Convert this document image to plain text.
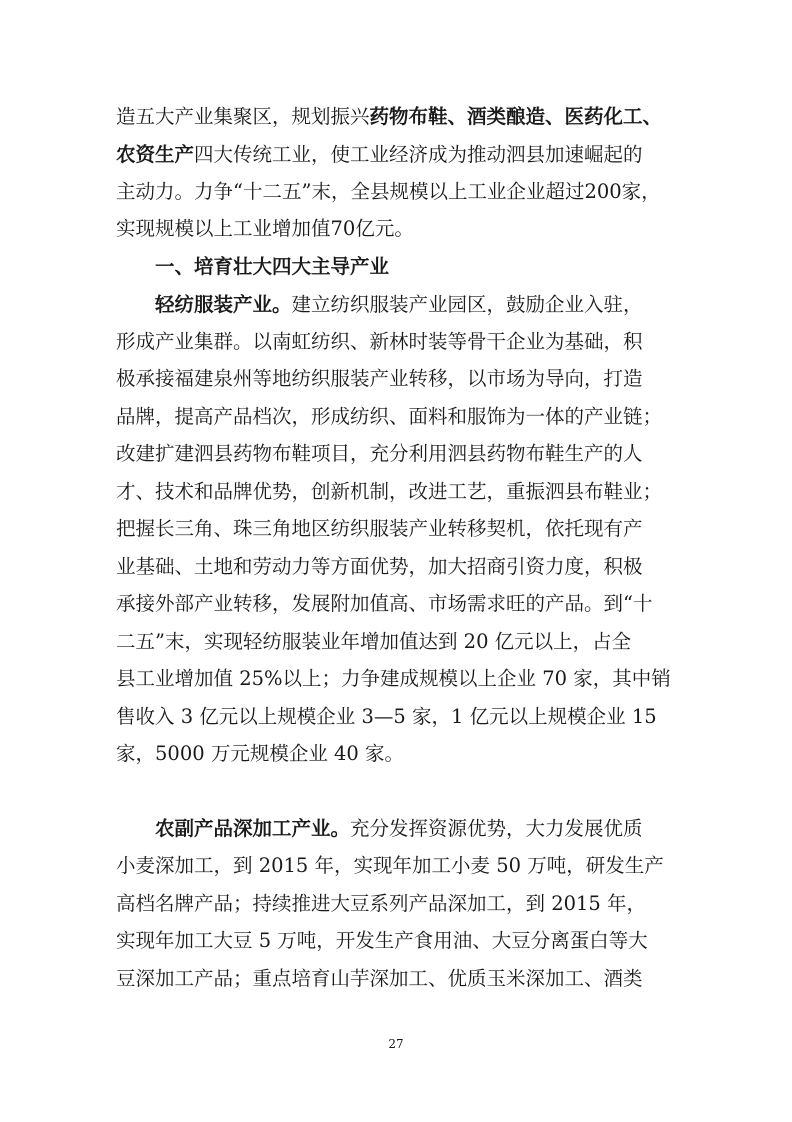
造五大产业集聚区，规划振兴药物布鞋、酒类酿造、医药化工、
农资生产四大传统工业，使工业经济成为推动泗县加速崛起的
主动力。力争“十二五”末，全县规模以上工业企业超过200家，
实现规模以上工业增加值70亿元。
一、培育壮大四大主导产业
轻纺服装产业。建立纺织服装产业园区，鼓励企业入驻，
形成产业集群。以南虹纺织、新林时装等骨干企业为基础，积
极承接福建泉州等地纺织服装产业转移，以市场为导向，打造
品牌，提高产品档次，形成纺织、面料和服饰为一体的产业链；
改建扩建泗县药物布鞋项目，充分利用泗县药物布鞋生产的人
才、技术和品牌优势，创新机制，改进工艺，重振泗县布鞋业；
把握长三角、珠三角地区纺织服装产业转移契机，依托现有产
业基础、土地和劳动力等方面优势，加大招商引资力度，积极
承接外部产业转移，发展附加值高、市场需求旺的产品。到“十
二五”末，实现轻纺服装业年增加值达到 20 亿元以上，占全
县工业增加值 25%以上；力争建成规模以上企业 70 家，其中销
售收入 3 亿元以上规模企业 3—5 家，1 亿元以上规模企业 15
家，5000 万元规模企业 40 家。
农副产品深加工产业。充分发挥资源优势，大力发展优质
小麦深加工，到 2015 年，实现年加工小麦 50 万吨，研发生产
高档名牌产品；持续推进大豆系列产品深加工，到 2015 年，
实现年加工大豆 5 万吨，开发生产食用油、大豆分离蛋白等大
豆深加工产品；重点培育山芋深加工、优质玉米深加工、酒类
27
